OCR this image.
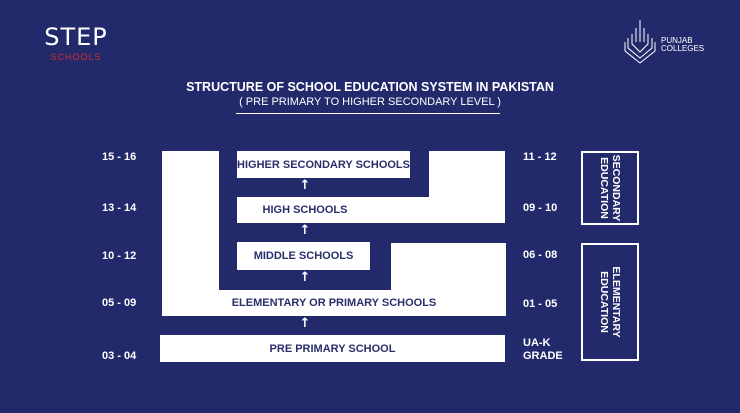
STEP
SCHOOLS
PUNJAB
COLLEGES
STRUCTURE OF SCHOOL EDUCATION SYSTEM IN PAKISTAN
( PRE PRIMARY TO HIGHER SECONDARY LEVEL )
HIGHER SECONDARY SCHOOLS
HIGH SCHOOLS
MIDDLE SCHOOLS
ELEMENTARY OR PRIMARY SCHOOLS
PRE PRIMARY SCHOOL
↑
↑
↑
↑
15 - 16
13 - 14
10 - 12
05 - 09
03 - 04
11 - 12
09 - 10
06 - 08
01 - 05
UA-K
GRADE
SECONDARY
EDUCATION
ELEMENTARY
EDUCATION
